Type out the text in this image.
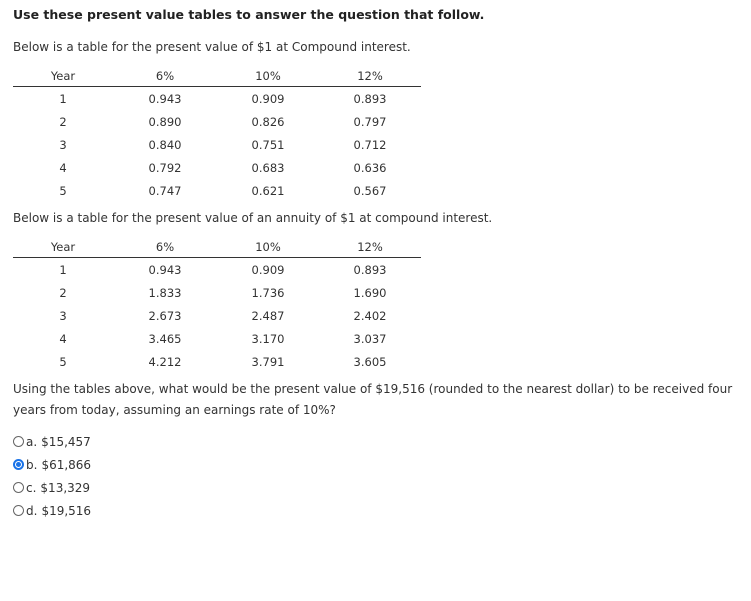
Use these present value tables to answer the question that follow.
Below is a table for the present value of $1 at Compound interest.
Year	6%	10%	12%
1	0.943	0.909	0.893
2	0.890	0.826	0.797
3	0.840	0.751	0.712
4	0.792	0.683	0.636
5	0.747	0.621	0.567
Below is a table for the present value of an annuity of $1 at compound interest.
Year	6%	10%	12%
1	0.943	0.909	0.893
2	1.833	1.736	1.690
3	2.673	2.487	2.402
4	3.465	3.170	3.037
5	4.212	3.791	3.605
Using the tables above, what would be the present value of $19,516 (rounded to the nearest dollar) to be received four years from today, assuming an earnings rate of 10%?
a. $15,457
b. $61,866
c. $13,329
d. $19,516
